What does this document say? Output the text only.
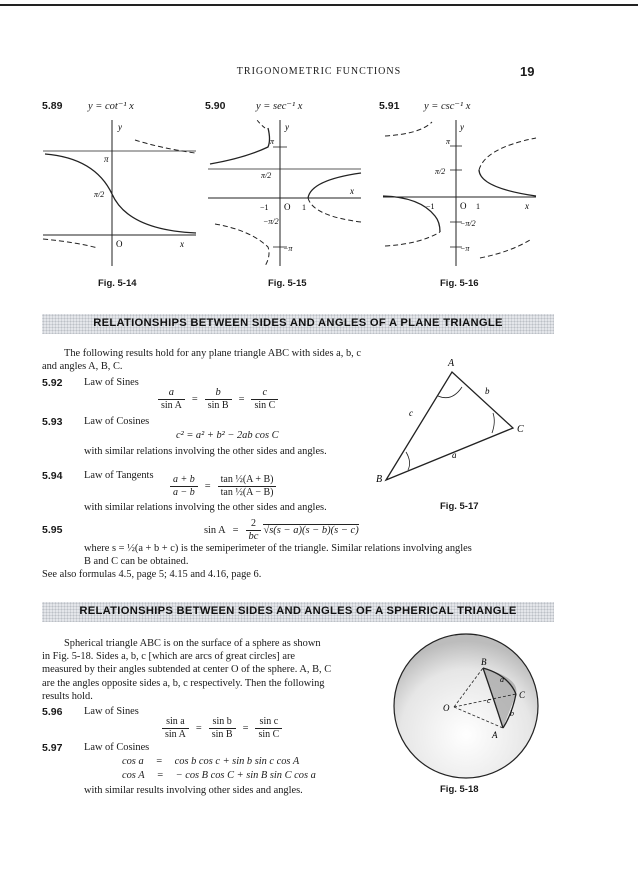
TRIGONOMETRIC FUNCTIONS	19
5.89 y = cot⁻¹ x	5.90	y = sec⁻¹ x	5.91 y = csc⁻¹ x
y
π
π/2
O	x
y
π
π/2
−1 O 1
x
−π/2
−π
y
π
π/2
−1	O 1	x
−π/2
−π
Fig. 5-14	Fig. 5-15	Fig. 5-16
RELATIONSHIPS BETWEEN SIDES AND ANGLES OF A PLANE TRIANGLE
The following results hold for any plane triangle ABC with sides a, b, c and angles A, B, C.
5.92 Law of Sines
$\frac{a}{\text{sin A}} = \frac{b}{\text{sin B}} = \frac{c}{\text{sin C}}$
5.93 Law of Cosines
c² = a² + b² − 2ab cos C
with similar relations involving the other sides and angles.
5.94 Law of Tangents $\frac{a + b}{a - b} = \frac{\text{tan ½(A + B)}}{\text{tan ½(A − B)}}$
with similar relations involving the other sides and angles.
5.95	$\sin A = \frac{2}{bc} √s(s - a)(s - b)(s - c)$
where s = ½(a + b + c) is the semiperimeter of the triangle. Similar relations involving angles
B and C can be obtained.
See also formulas 4.5, page 5; 4.15 and 4.16, page 6.
A
B
C
a
b
c
Fig. 5-17
RELATIONSHIPS BETWEEN SIDES AND ANGLES OF A SPHERICAL TRIANGLE
Spherical triangle ABC is on the surface of a sphere as shown
in Fig. 5-18. Sides a, b, c [which are arcs of great circles] are
measured by their angles subtended at center O of the sphere. A, B, C
are the angles opposite sides a, b, c respectively. Then the following
results hold.
5.96 Law of Sines
$\frac{\text{sin a}}{\text{sin A}} = \frac{\text{sin b}}{\text{sin B}} = \frac{\text{sin c}}{\text{sin C}}$
5.97 Law of Cosines
cos a = cos b cos c + sin b sin c cos A
cos A = − cos B cos C + sin B sin C cos a
with similar results involving other sides and angles.
O
B
C
A
a
b
c
Fig. 5-18
